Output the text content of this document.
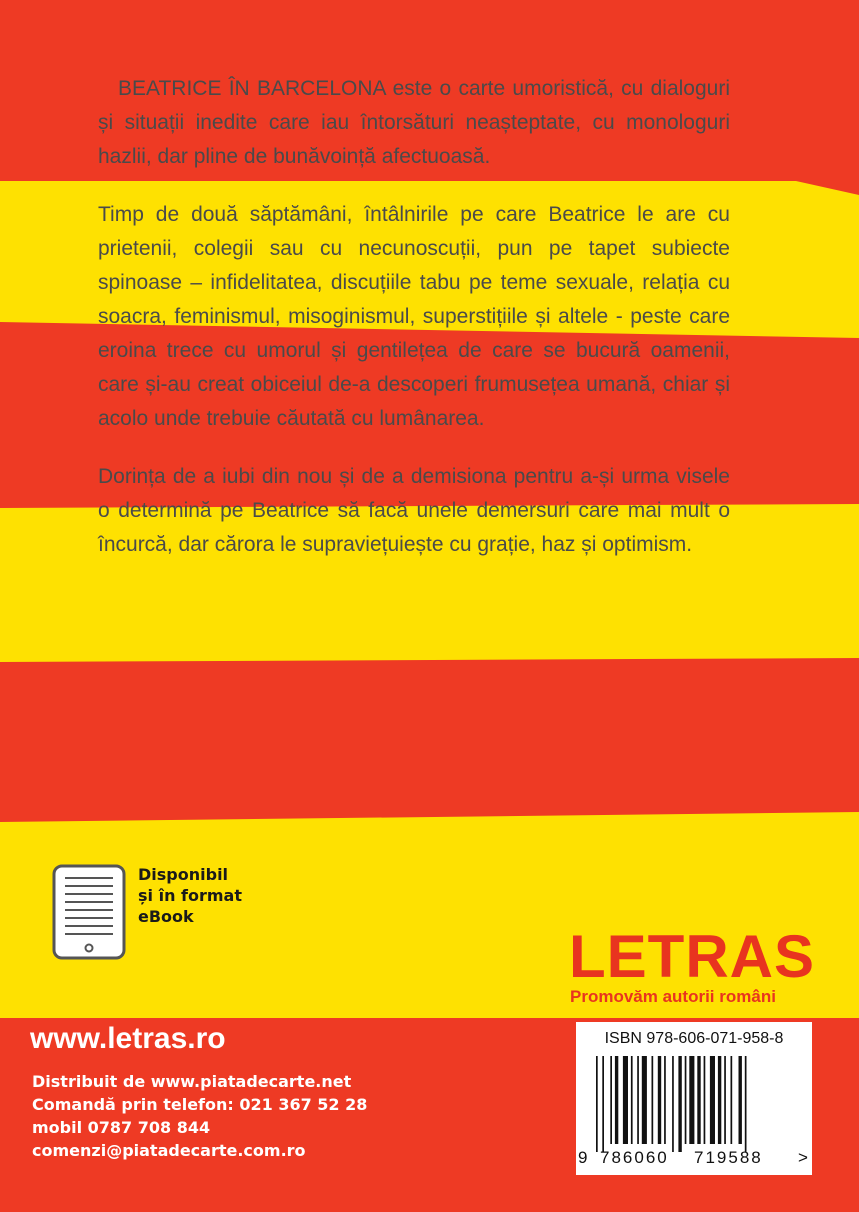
BEATRICE ÎN BARCELONA este o carte umoristică, cu dialoguri și situații inedite care iau întorsături neașteptate, cu monologuri hazlii, dar pline de bunăvoință afectuoasă.

Timp de două săptămâni, întâlnirile pe care Beatrice le are cu prietenii, colegii sau cu necunoscuții, pun pe tapet subiecte spinoase – infidelitatea, discuțiile tabu pe teme sexuale, relația cu soacra, feminismul, misoginismul, superstițiile și altele - peste care eroina trece cu umorul și gentilețea de care se bucură oamenii, care și-au creat obiceiul de-a descoperi frumusețea umană, chiar și acolo unde trebuie căutată cu lumânarea.

Dorința de a iubi din nou și de a demisiona pentru a-și urma visele o determină pe Beatrice să facă unele demersuri care mai mult o încurcă, dar cărora le supraviețuiește cu grație, haz și optimism.

Disponibil
și în format
eBook
LETRAS
Promovăm autorii români
www.letras.ro
Distribuit de www.piatadecarte.net
Comandă prin telefon: 021 367 52 28
mobil 0787 708 844
comenzi@piatadecarte.com.ro
ISBN 978-606-071-958-8
9 786060 719588 >
